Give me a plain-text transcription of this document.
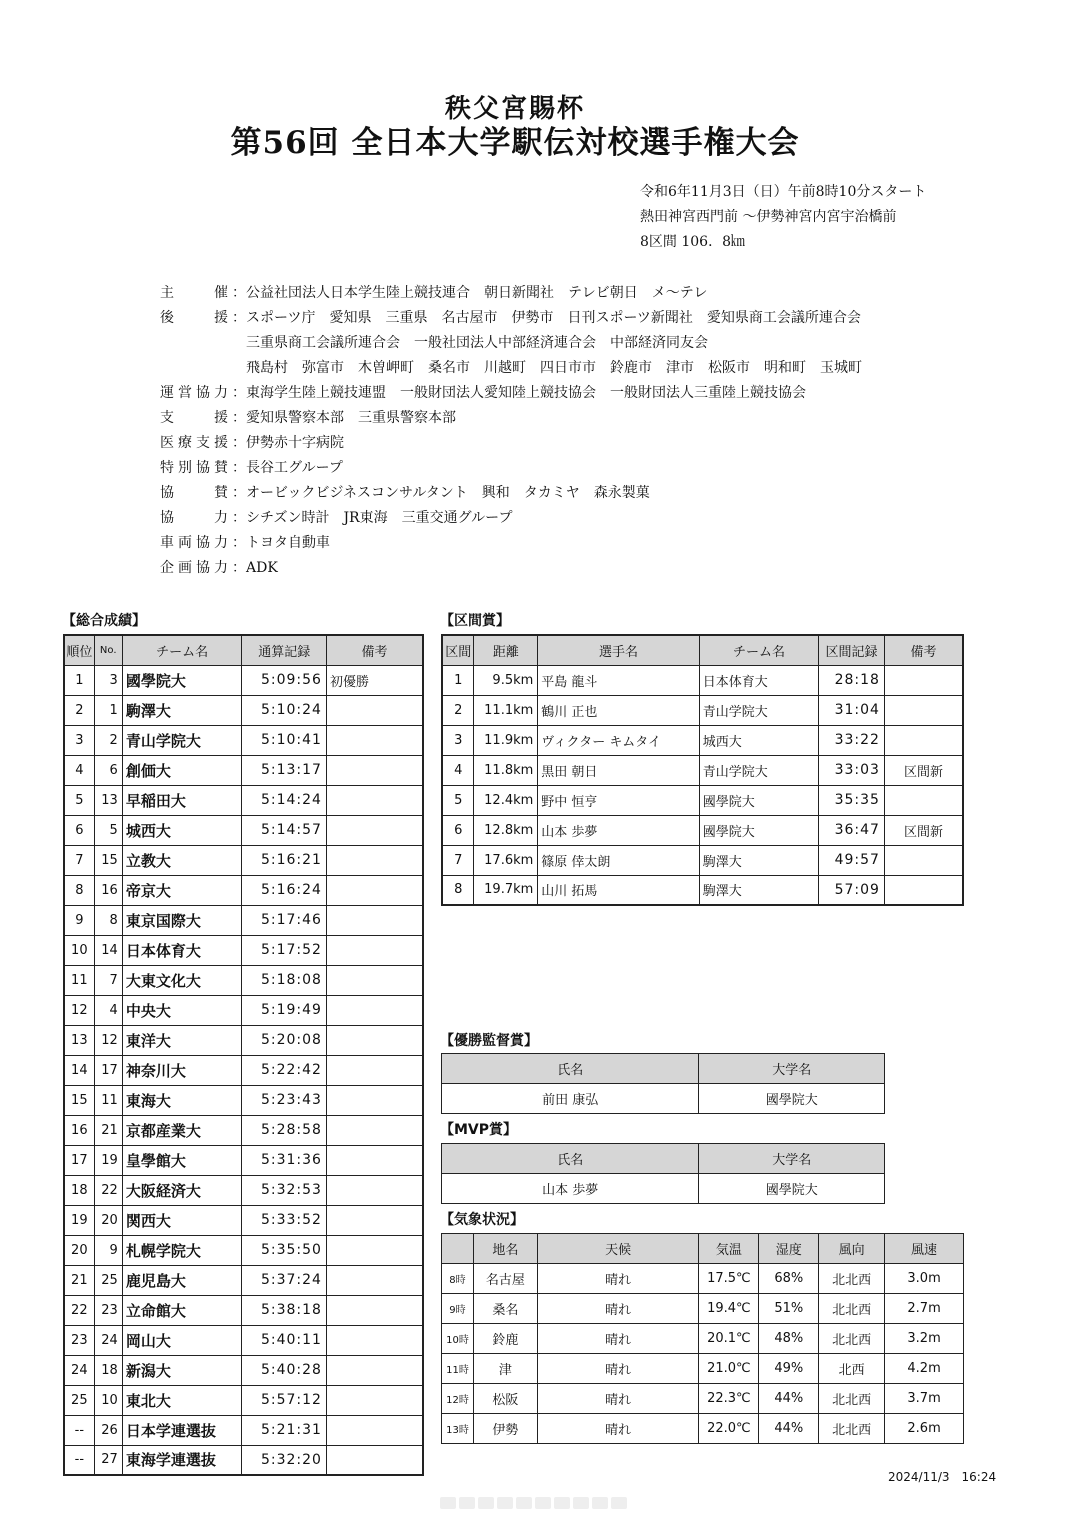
秩父宮賜杯
第56回 全日本大学駅伝対校選手権大会
令和6年11月3日（日）午前8時10分スタート
熱田神宮西門前 〜伊勢神宮内宮宇治橋前
8区間 106．8㎞
主　　催： 公益社団法人日本学生陸上競技連合　朝日新聞社　テレビ朝日　メ〜テレ
後　　援： スポーツ庁　愛知県　三重県　名古屋市　伊勢市　日刊スポーツ新聞社　愛知県商工会議所連合会
三重県商工会議所連合会　一般社団法人中部経済連合会　中部経済同友会
飛島村　弥富市　木曽岬町　桑名市　川越町　四日市市　鈴鹿市　津市　松阪市　明和町　玉城町
運営協力： 東海学生陸上競技連盟　一般財団法人愛知陸上競技協会　一般財団法人三重陸上競技協会
支　　援： 愛知県警察本部　三重県警察本部
医療支援： 伊勢赤十字病院
特別協賛： 長谷工グループ
協　　賛： オービックビジネスコンサルタント　興和　タカミヤ　森永製菓
協　　力： シチズン時計　JR東海　三重交通グループ
車両協力： トヨタ自動車
企画協力： ADK
【総合成績】
順位	No.	チーム名	通算記録	備考
1	3	國學院大	5:09:56	初優勝
2	1	駒澤大	5:10:24	
3	2	青山学院大	5:10:41	
4	6	創価大	5:13:17	
5	13	早稲田大	5:14:24	
6	5	城西大	5:14:57	
7	15	立教大	5:16:21	
8	16	帝京大	5:16:24	
9	8	東京国際大	5:17:46	
10	14	日本体育大	5:17:52	
11	7	大東文化大	5:18:08	
12	4	中央大	5:19:49	
13	12	東洋大	5:20:08	
14	17	神奈川大	5:22:42	
15	11	東海大	5:23:43	
16	21	京都産業大	5:28:58	
17	19	皇學館大	5:31:36	
18	22	大阪経済大	5:32:53	
19	20	関西大	5:33:52	
20	9	札幌学院大	5:35:50	
21	25	鹿児島大	5:37:24	
22	23	立命館大	5:38:18	
23	24	岡山大	5:40:11	
24	18	新潟大	5:40:28	
25	10	東北大	5:57:12	
--	26	日本学連選抜	5:21:31	
--	27	東海学連選抜	5:32:20	
【区間賞】
区間	距離	選手名	チーム名	区間記録	備考
1	9.5km	平島 龍斗	日本体育大	28:18	
2	11.1km	鶴川 正也	青山学院大	31:04	
3	11.9km	ヴィクター キムタイ	城西大	33:22	
4	11.8km	黒田 朝日	青山学院大	33:03	区間新
5	12.4km	野中 恒亨	國學院大	35:35	
6	12.8km	山本 歩夢	國學院大	36:47	区間新
7	17.6km	篠原 倖太朗	駒澤大	49:57	
8	19.7km	山川 拓馬	駒澤大	57:09	
【優勝監督賞】
氏名	大学名
前田 康弘	國學院大
【MVP賞】
氏名	大学名
山本 歩夢	國學院大
【気象状況】
	地名	天候	気温	湿度	風向	風速
8時	名古屋	晴れ	17.5℃	68%	北北西	3.0m
9時	桑名	晴れ	19.4℃	51%	北北西	2.7m
10時	鈴鹿	晴れ	20.1℃	48%	北北西	3.2m
11時	津	晴れ	21.0℃	49%	北西	4.2m
12時	松阪	晴れ	22.3℃	44%	北北西	3.7m
13時	伊勢	晴れ	22.0℃	44%	北北西	2.6m
2024/11/3　16:24
